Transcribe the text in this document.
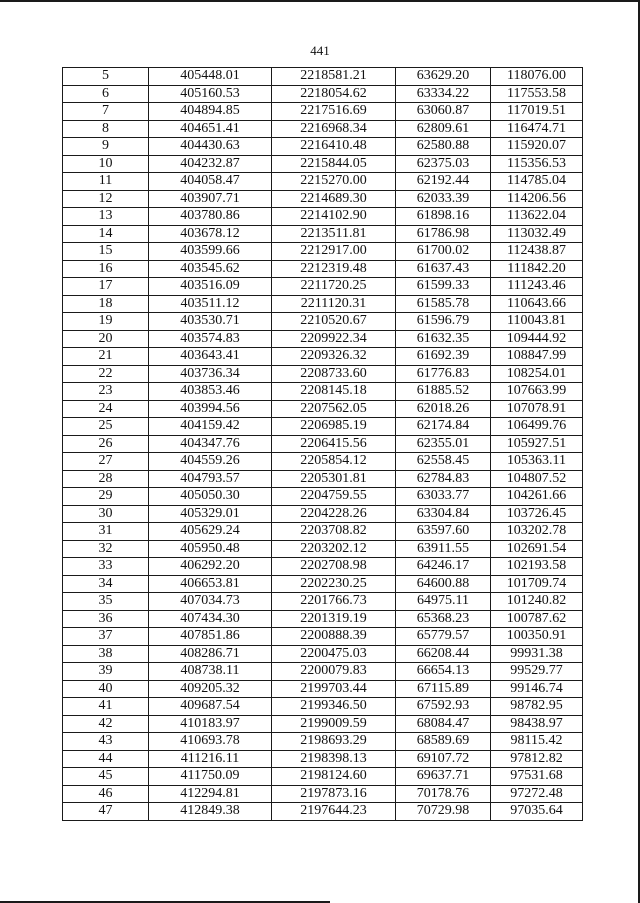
441
5	405448.01	2218581.21	63629.20	118076.00
6	405160.53	2218054.62	63334.22	117553.58
7	404894.85	2217516.69	63060.87	117019.51
8	404651.41	2216968.34	62809.61	116474.71
9	404430.63	2216410.48	62580.88	115920.07
10	404232.87	2215844.05	62375.03	115356.53
11	404058.47	2215270.00	62192.44	114785.04
12	403907.71	2214689.30	62033.39	114206.56
13	403780.86	2214102.90	61898.16	113622.04
14	403678.12	2213511.81	61786.98	113032.49
15	403599.66	2212917.00	61700.02	112438.87
16	403545.62	2212319.48	61637.43	111842.20
17	403516.09	2211720.25	61599.33	111243.46
18	403511.12	2211120.31	61585.78	110643.66
19	403530.71	2210520.67	61596.79	110043.81
20	403574.83	2209922.34	61632.35	109444.92
21	403643.41	2209326.32	61692.39	108847.99
22	403736.34	2208733.60	61776.83	108254.01
23	403853.46	2208145.18	61885.52	107663.99
24	403994.56	2207562.05	62018.26	107078.91
25	404159.42	2206985.19	62174.84	106499.76
26	404347.76	2206415.56	62355.01	105927.51
27	404559.26	2205854.12	62558.45	105363.11
28	404793.57	2205301.81	62784.83	104807.52
29	405050.30	2204759.55	63033.77	104261.66
30	405329.01	2204228.26	63304.84	103726.45
31	405629.24	2203708.82	63597.60	103202.78
32	405950.48	2203202.12	63911.55	102691.54
33	406292.20	2202708.98	64246.17	102193.58
34	406653.81	2202230.25	64600.88	101709.74
35	407034.73	2201766.73	64975.11	101240.82
36	407434.30	2201319.19	65368.23	100787.62
37	407851.86	2200888.39	65779.57	100350.91
38	408286.71	2200475.03	66208.44	99931.38
39	408738.11	2200079.83	66654.13	99529.77
40	409205.32	2199703.44	67115.89	99146.74
41	409687.54	2199346.50	67592.93	98782.95
42	410183.97	2199009.59	68084.47	98438.97
43	410693.78	2198693.29	68589.69	98115.42
44	411216.11	2198398.13	69107.72	97812.82
45	411750.09	2198124.60	69637.71	97531.68
46	412294.81	2197873.16	70178.76	97272.48
47	412849.38	2197644.23	70729.98	97035.64
